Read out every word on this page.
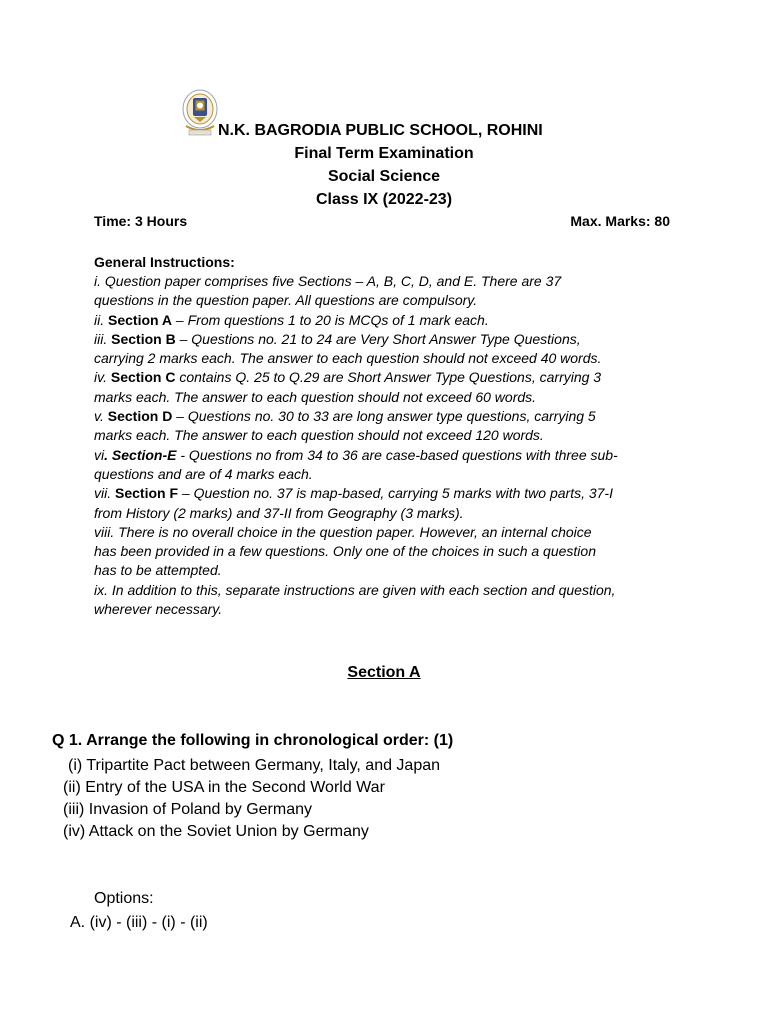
N.K. BAGRODIA PUBLIC SCHOOL, ROHINI
Final Term Examination
Social Science
Class IX (2022-23)
Time: 3 Hours	Max. Marks: 80

General Instructions:

i. Question paper comprises five Sections – A, B, C, D, and E. There are 37

questions in the question paper. All questions are compulsory.

ii. Section A – From questions 1 to 20 is MCQs of 1 mark each.

iii. Section B – Questions no. 21 to 24 are Very Short Answer Type Questions,

carrying 2 marks each. The answer to each question should not exceed 40 words.

iv. Section C contains Q. 25 to Q.29 are Short Answer Type Questions, carrying 3

marks each. The answer to each question should not exceed 60 words.

v. Section D – Questions no. 30 to 33 are long answer type questions, carrying 5

marks each. The answer to each question should not exceed 120 words.

vi. Section-E - Questions no from 34 to 36 are case-based questions with three sub-

questions and are of 4 marks each.

vii. Section F – Question no. 37 is map-based, carrying 5 marks with two parts, 37-I

from History (2 marks) and 37-II from Geography (3 marks).

viii. There is no overall choice in the question paper. However, an internal choice

has been provided in a few questions. Only one of the choices in such a question

has to be attempted.

ix. In addition to this, separate instructions are given with each section and question,

wherever necessary.

Section A
Q 1. Arrange the following in chronological order: (1)
(i) Tripartite Pact between Germany, Italy, and Japan
(ii) Entry of the USA in the Second World War
(iii) Invasion of Poland by Germany
(iv) Attack on the Soviet Union by Germany
Options:
A. (iv) - (iii) - (i) - (ii)
